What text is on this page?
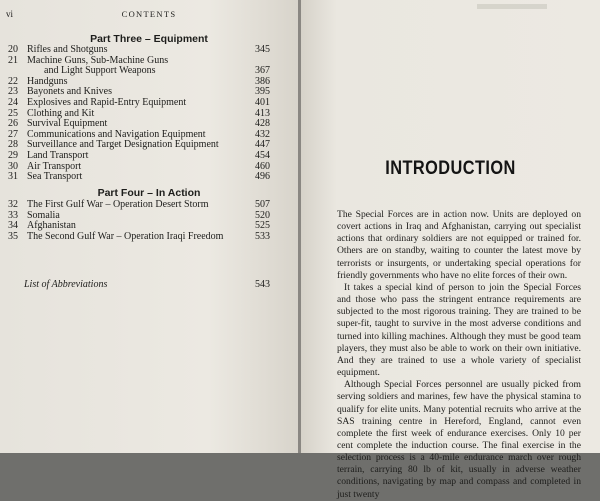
vi	CONTENTS
Part Three – Equipment
20 Rifles and Shotguns	345
21 Machine Guns, Sub-Machine Guns
and Light Support Weapons	367
22 Handguns	386
23 Bayonets and Knives	395
24 Explosives and Rapid-Entry Equipment	401
25 Clothing and Kit	413
26 Survival Equipment	428
27 Communications and Navigation Equipment	432
28 Surveillance and Target Designation Equipment	447
29 Land Transport	454
30 Air Transport	460
31 Sea Transport	496
Part Four – In Action
32 The First Gulf War – Operation Desert Storm	507
33 Somalia	520
34 Afghanistan	525
35 The Second Gulf War – Operation Iraqi Freedom	533
List of Abbreviations	543
INTRODUCTION

The Special Forces are in action now. Units are deployed on covert actions in Iraq and Afghanistan, carrying out specialist actions that ordinary soldiers are not equipped or trained for. Others are on standby, waiting to counter the latest move by terrorists or insurgents, or undertaking special operations for friendly governments who have no elite forces of their own.

It takes a special kind of person to join the Special Forces and those who pass the stringent entrance requirements are subjected to the most rigorous training. They are trained to be super-fit, taught to survive in the most adverse conditions and turned into killing machines. Although they must be good team players, they must also be able to work on their own initiative. And they are trained to use a whole variety of specialist equipment.

Although Special Forces personnel are usually picked from serving soldiers and marines, few have the physical stamina to qualify for elite units. Many potential recruits who arrive at the SAS training centre in Hereford, England, cannot even complete the first week of endurance exercises. Only 10 per cent complete the induction course. The final exercise in the selection process is a 40-mile endurance march over rough terrain, carrying 80 lb of kit, usually in adverse weather conditions, navigating by map and compass and completed in just twenty
